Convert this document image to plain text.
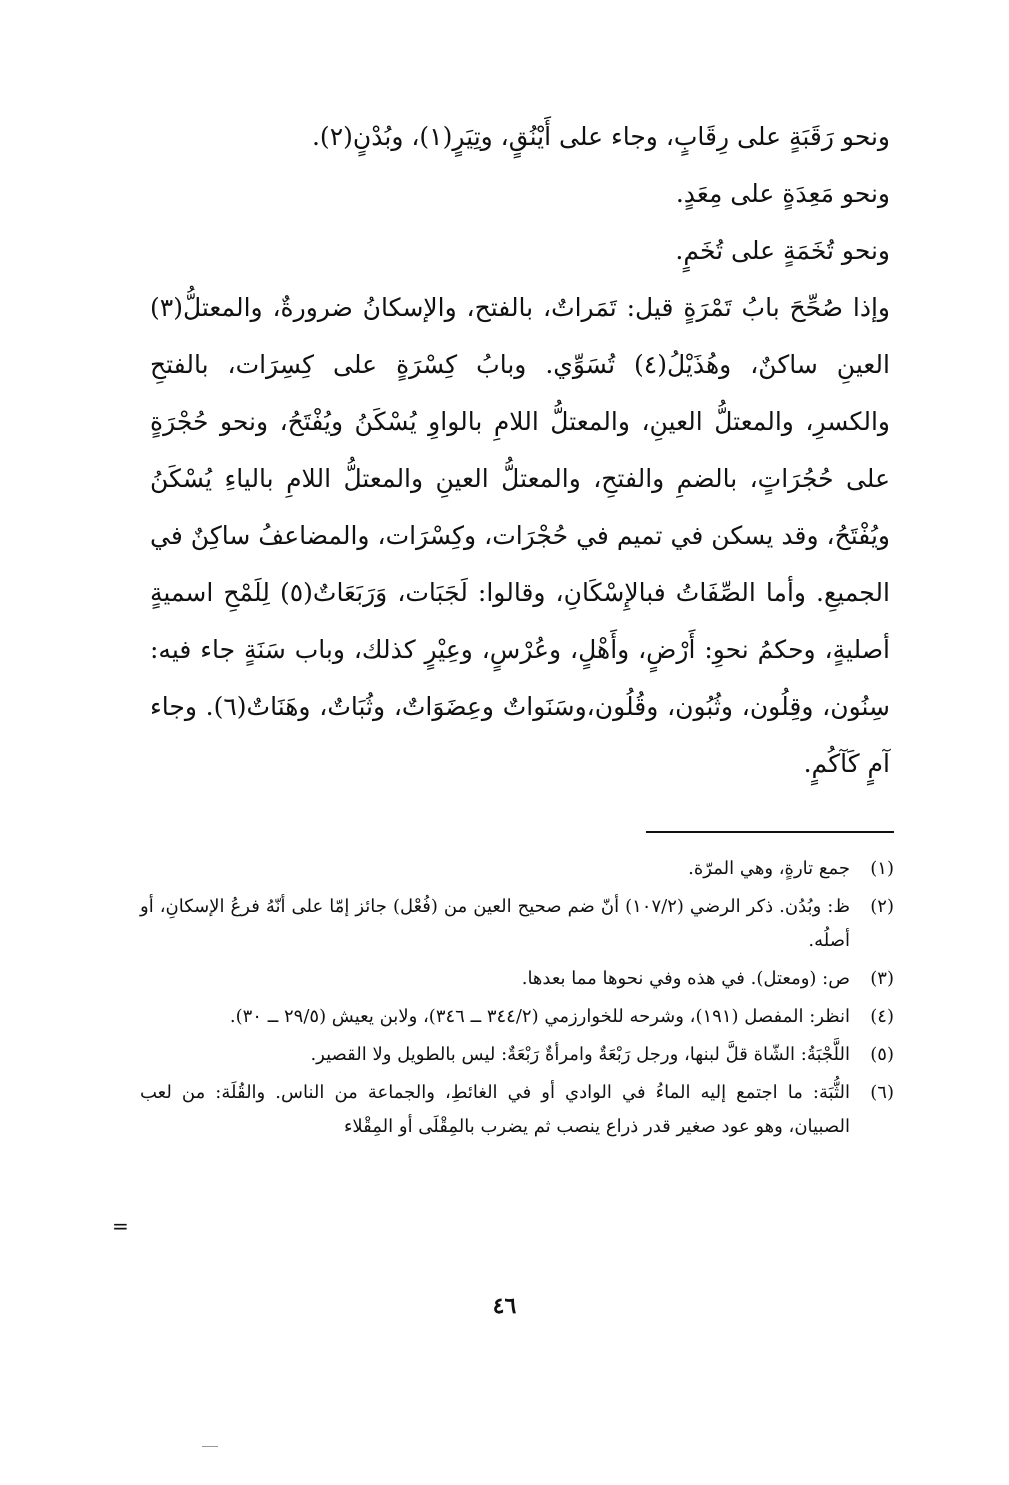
ونحو رَقَبَةٍ على رِقَابٍ، وجاء على أَيْنُقٍ، وتِيَرٍ(١)، وبُدْنٍ(٢).

ونحو مَعِدَةٍ على مِعَدٍ.

ونحو تُخَمَةٍ على تُخَمٍ.

وإذا صُحِّحَ بابُ تَمْرَةٍ قيل: تَمَراتٌ، بالفتح، والإسكانُ ضرورةٌ، والمعتلُّ(٣) العينِ ساكنٌ، وهُذَيْلُ(٤) تُسَوِّي. وبابُ كِسْرَةٍ على كِسِرَات، بالفتحِ والكسرِ، والمعتلُّ العينِ، والمعتلُّ اللامِ بالواوِ يُسْكَنُ ويُفْتَحُ، ونحو حُجْرَةٍ على حُجُرَاتٍ، بالضمِ والفتحِ، والمعتلُّ العينِ والمعتلُّ اللامِ بالياءِ يُسْكَنُ ويُفْتَحُ، وقد يسكن في تميم في حُجْرَات، وكِسْرَات، والمضاعفُ ساكِنٌ في الجميعِ. وأما الصِّفَاتُ فبالإِسْكَانِ، وقالوا: لَجَبَات، وَرَبَعَاتٌ(٥) لِلَمْحِ اسميةٍ أصليةٍ، وحكمُ نحوِ: أَرْضٍ، وأَهْلٍ، وعُرْسٍ، وعِيْرٍ كذلك، وباب سَنَةٍ جاء فيه: سِنُون، وقِلُون، وثُبُون، وقُلُون،وسَنَواتٌ وعِضَوَاتٌ، وثُبَاتٌ، وهَنَاتٌ(٦). وجاء آمٍ كَآكُمٍ.

(١)
جمع تارةٍ، وهي المرّة.
(٢)
ظ: وبُدُن. ذكر الرضي (١٠٧/٢) أنّ ضم صحيح العين من (فُعْل) جائز إمّا على أنّهُ فرعُ الإسكانِ، أو أصلُه.
(٣)
ص: (ومعتل). في هذه وفي نحوها مما بعدها.
(٤)
انظر: المفصل (١٩١)، وشرحه للخوارزمي (٣٤٤/٢ ــ ٣٤٦)، ولابن يعيش (٢٩/٥ ــ ٣٠).
(٥)
اللَّجْبَةُ: الشّاة قلَّ لبنها، ورجل رَبْعَةٌ وامرأةٌ رَبْعَةٌ: ليس بالطويل ولا القصير.
(٦)
الثُّبَة: ما اجتمع إليه الماءُ في الوادي أو في الغائطِ، والجماعة من الناس. والقُلَة: من لعب الصبيان، وهو عود صغير قدر ذراع ينصب ثم يضرب بالمِقْلَى أو المِقْلاء
=
٤٦
